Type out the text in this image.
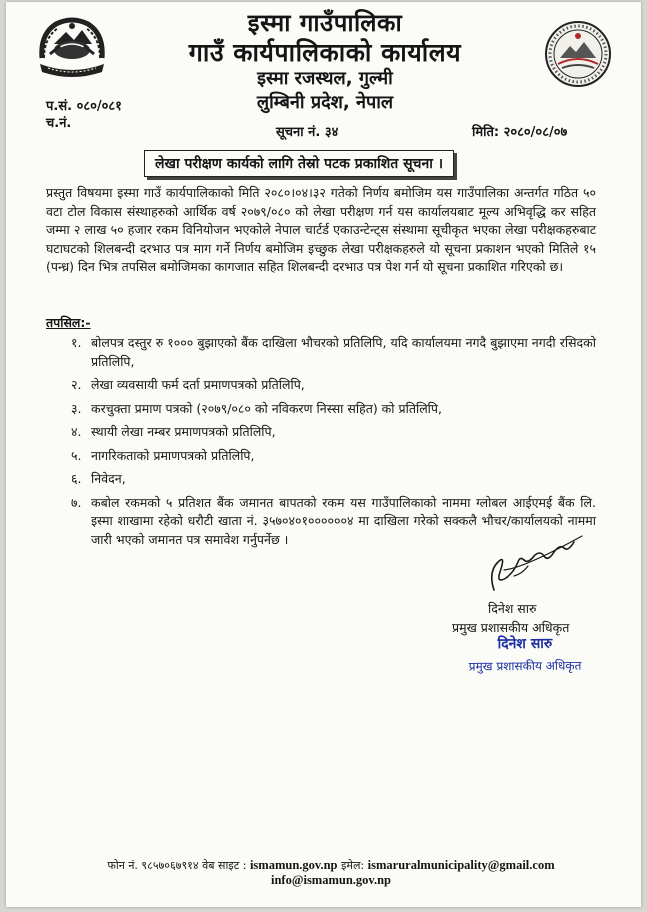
इस्मा गाउँपालिका
गाउँ कार्यपालिकाको कार्यालय
इस्मा रजस्थल, गुल्मी
लुम्बिनी प्रदेश, नेपाल
प.सं. ०८०/०८१
च.नं.
सूचना नं. ३४	मिति: २०८०/०८/०७
लेखा परीक्षण कार्यको लागि तेस्रो पटक प्रकाशित सूचना ।
प्रस्तुत विषयमा इस्मा गाउँ कार्यपालिकाको मिति २०८०।०४।३२ गतेको निर्णय बमोजिम यस गाउँपालिका अन्तर्गत गठित ५० वटा टोल विकास संस्थाहरुको आर्थिक वर्ष २०७९/०८० को लेखा परीक्षण गर्न यस कार्यालयबाट मूल्य अभिवृद्धि कर सहित जम्मा २ लाख ५० हजार रकम विनियोजन भएकोले नेपाल चार्टर्ड एकाउन्टेन्ट्स संस्थामा सूचीकृत भएका लेखा परीक्षकहरुबाट घटाघटको शिलबन्दी दरभाउ पत्र माग गर्ने निर्णय बमोजिम इच्छुक लेखा परीक्षकहरुले यो सूचना प्रकाशन भएको मितिले १५ (पन्ध्र) दिन भित्र तपसिल बमोजिमका कागजात सहित शिलबन्दी दरभाउ पत्र पेश गर्न यो सूचना प्रकाशित गरिएको छ।
तपसिल:-
१. बोलपत्र दस्तुर रु १००० बुझाएको बैंक दाखिला भौचरको प्रतिलिपि, यदि कार्यालयमा नगदै बुझाएमा नगदी रसिदको प्रतिलिपि,
२. लेखा व्यवसायी फर्म दर्ता प्रमाणपत्रको प्रतिलिपि,
३. करचुक्ता प्रमाण पत्रको (२०७९/०८० को नविकरण निस्सा सहित) को प्रतिलिपि,
४. स्थायी लेखा नम्बर प्रमाणपत्रको प्रतिलिपि,
५. नागरिकताको प्रमाणपत्रको प्रतिलिपि,
६. निवेदन,
७. कबोल रकमको ५ प्रतिशत बैंक जमानत बापतको रकम यस गाउँपालिकाको नाममा ग्लोबल आईएमई बैंक लि. इस्मा शाखामा रहेको धरौटी खाता नं. ३५७०४०१००००००४ मा दाखिला गरेको सक्कलै भौचर/कार्यालयको नाममा जारी भएको जमानत पत्र समावेश गर्नुपर्नेछ ।
दिनेश सारु
प्रमुख प्रशासकीय अधिकृत
दिनेश सारु
प्रमुख प्रशासकीय अधिकृत
फोन नं. ९८५७०६७९१४ वेब साइट : ismamun.gov.np इमेल: ismaruralmunicipality@gmail.com
info@ismamun.gov.np
